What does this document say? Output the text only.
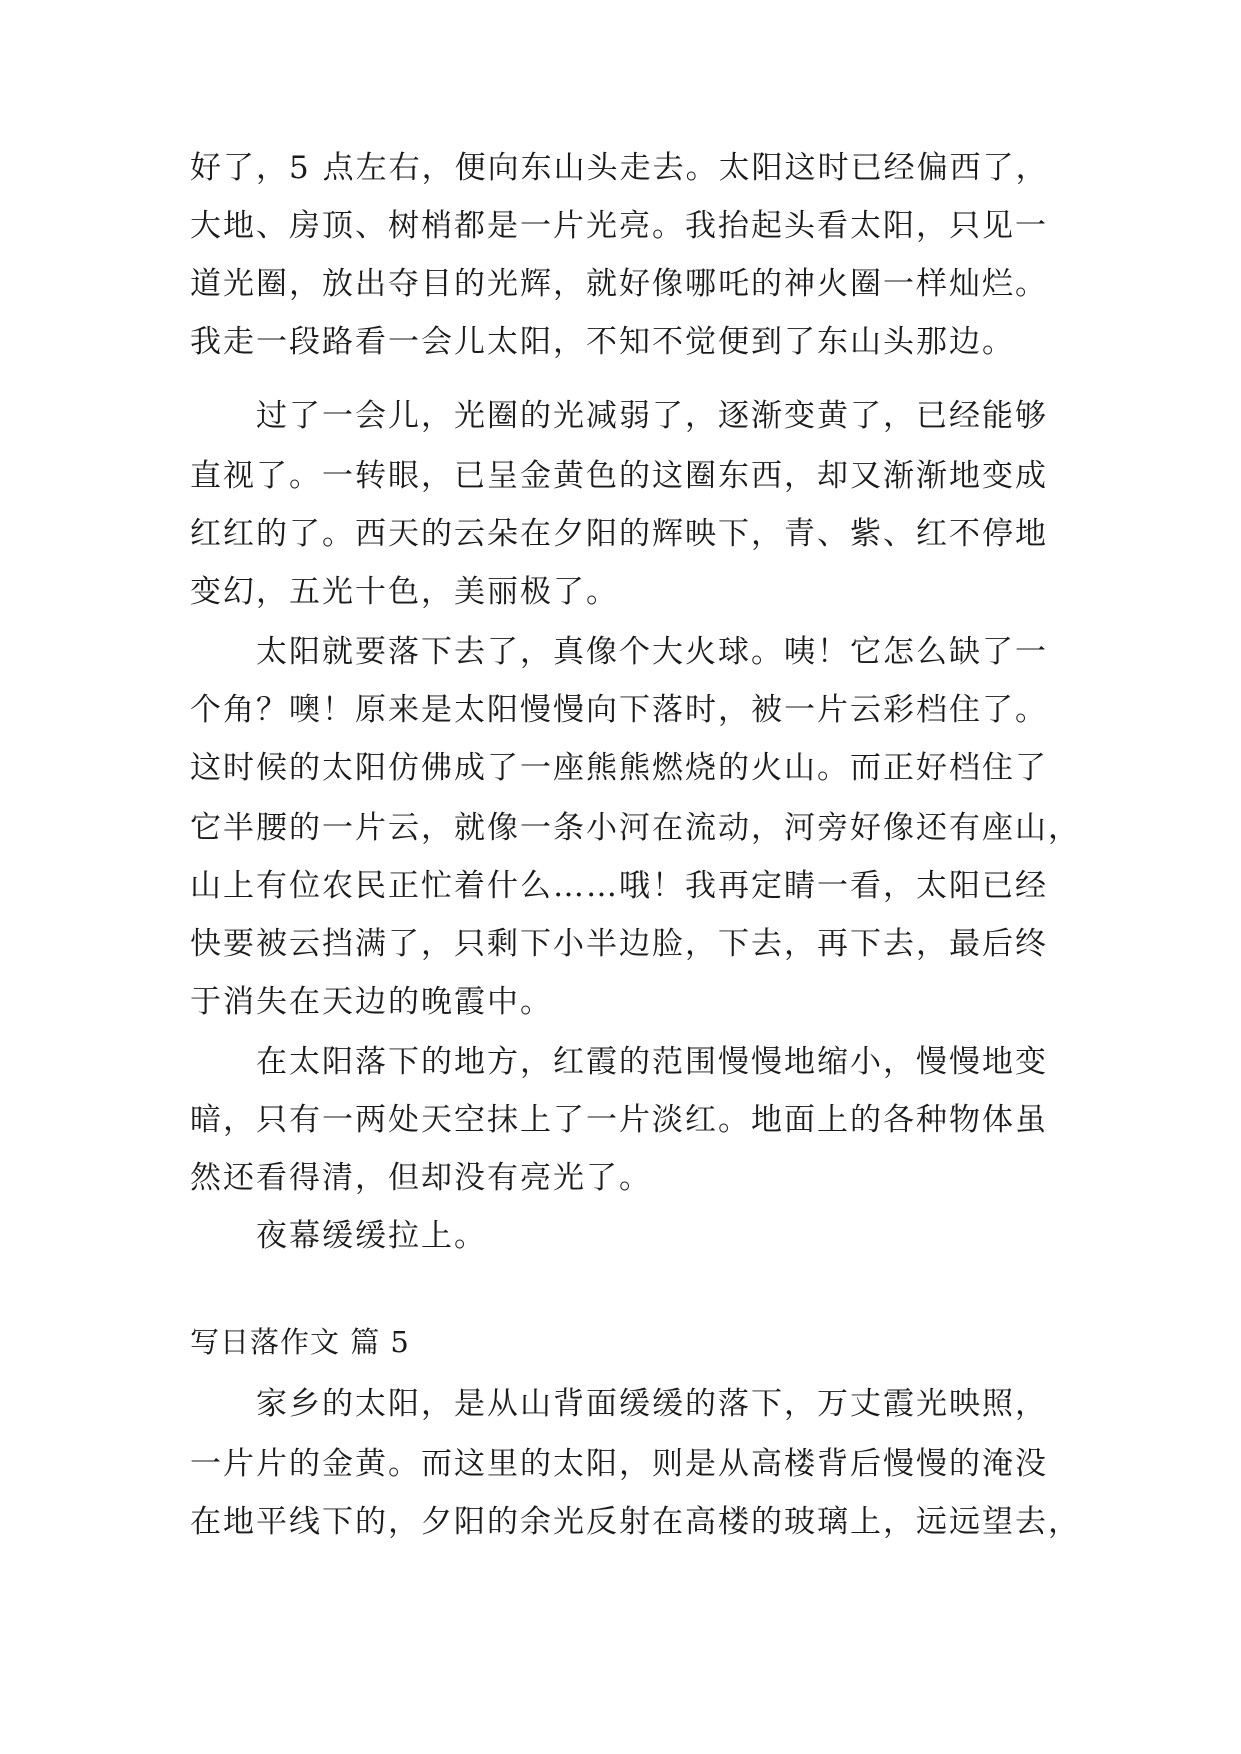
好了，5 点左右，便向东山头走去。太阳这时已经偏西了，
大地、房顶、树梢都是一片光亮。我抬起头看太阳，只见一
道光圈，放出夺目的光辉，就好像哪吒的神火圈一样灿烂。
我走一段路看一会儿太阳，不知不觉便到了东山头那边。
过了一会儿，光圈的光减弱了，逐渐变黄了，已经能够
直视了。一转眼，已呈金黄色的这圈东西，却又渐渐地变成
红红的了。西天的云朵在夕阳的辉映下，青、紫、红不停地
变幻，五光十色，美丽极了。
太阳就要落下去了，真像个大火球。咦！它怎么缺了一
个角？噢！原来是太阳慢慢向下落时，被一片云彩档住了。
这时候的太阳仿佛成了一座熊熊燃烧的火山。而正好档住了
它半腰的一片云，就像一条小河在流动，河旁好像还有座山，
山上有位农民正忙着什么……哦！我再定睛一看，太阳已经
快要被云挡满了，只剩下小半边脸，下去，再下去，最后终
于消失在天边的晚霞中。
在太阳落下的地方，红霞的范围慢慢地缩小，慢慢地变
暗，只有一两处天空抹上了一片淡红。地面上的各种物体虽
然还看得清，但却没有亮光了。
夜幕缓缓拉上。
写日落作文 篇 5
家乡的太阳，是从山背面缓缓的落下，万丈霞光映照，
一片片的金黄。而这里的太阳，则是从高楼背后慢慢的淹没
在地平线下的，夕阳的余光反射在高楼的玻璃上，远远望去，
